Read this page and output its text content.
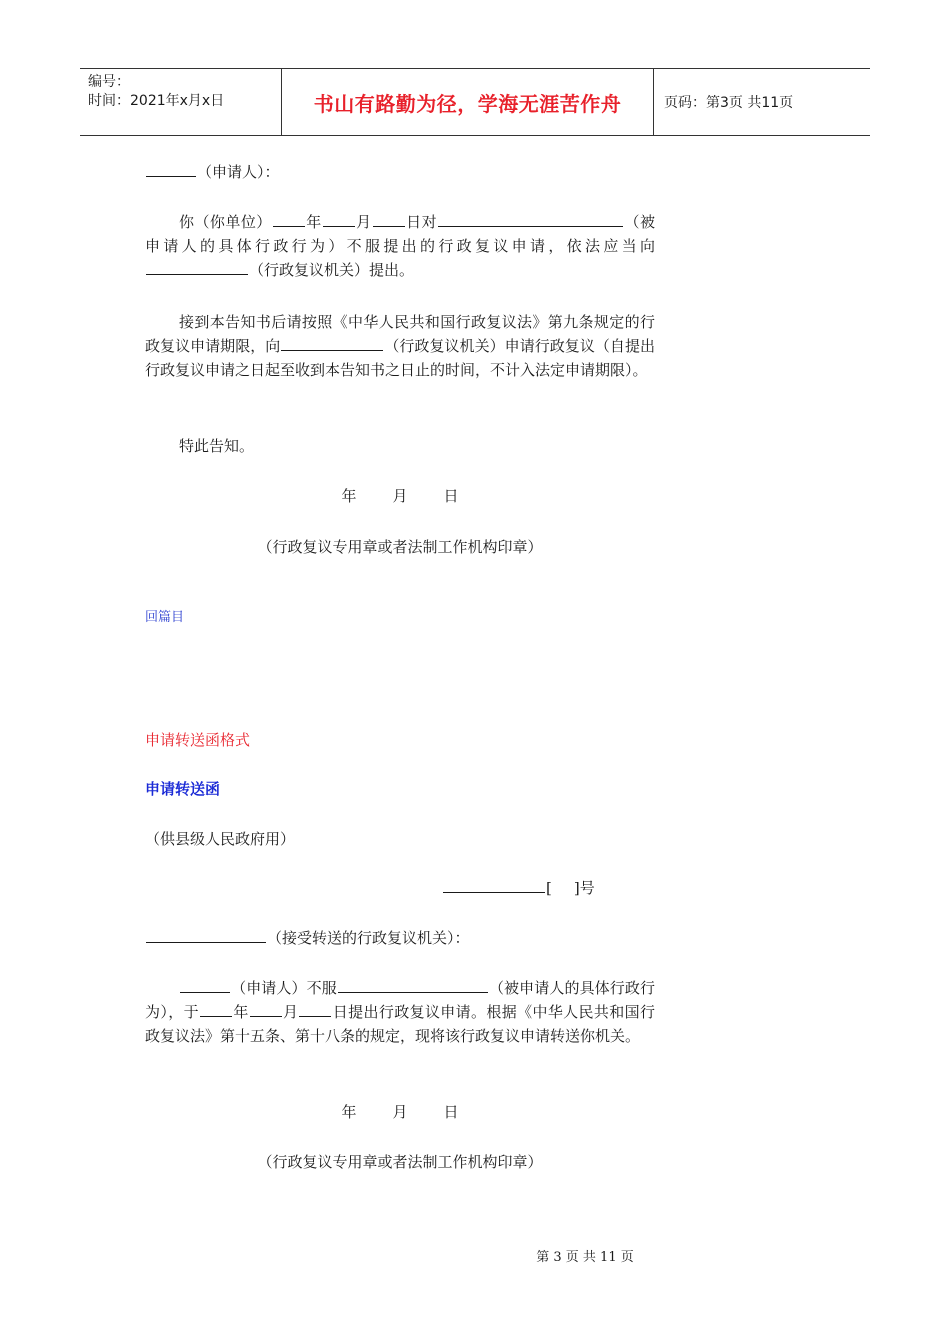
编号：
时间：2021年x月x日	书山有路勤为径，学海无涯苦作舟	页码：第3页 共11页
（申请人）：
你（你单位） 年 月 日对	（被申请人的具体行政行为）不服提出的行政复议申请，依法应当向（行政复议机关）提出。
接到本告知书后请按照《中华人民共和国行政复议法》第九条规定的行政复议申请期限，向	（行政复议机关）申请行政复议（自提出行政复议申请之日起至收到本告知书之日止的时间，不计入法定申请期限）。
特此告知。
年 月 日
（行政复议专用章或者法制工作机构印章）
回篇目
申请转送函格式
申请转送函
（供县级人民政府用）
[ ]号
（接受转送的行政复议机关）：
（申请人）不服	（被申请人的具体行政行为），于 年 月 日提出行政复议申请。根据《中华人民共和国行政复议法》第十五条、第十八条的规定，现将该行政复议申请转送你机关。
年 月 日
（行政复议专用章或者法制工作机构印章）
第 3 页 共 11 页
